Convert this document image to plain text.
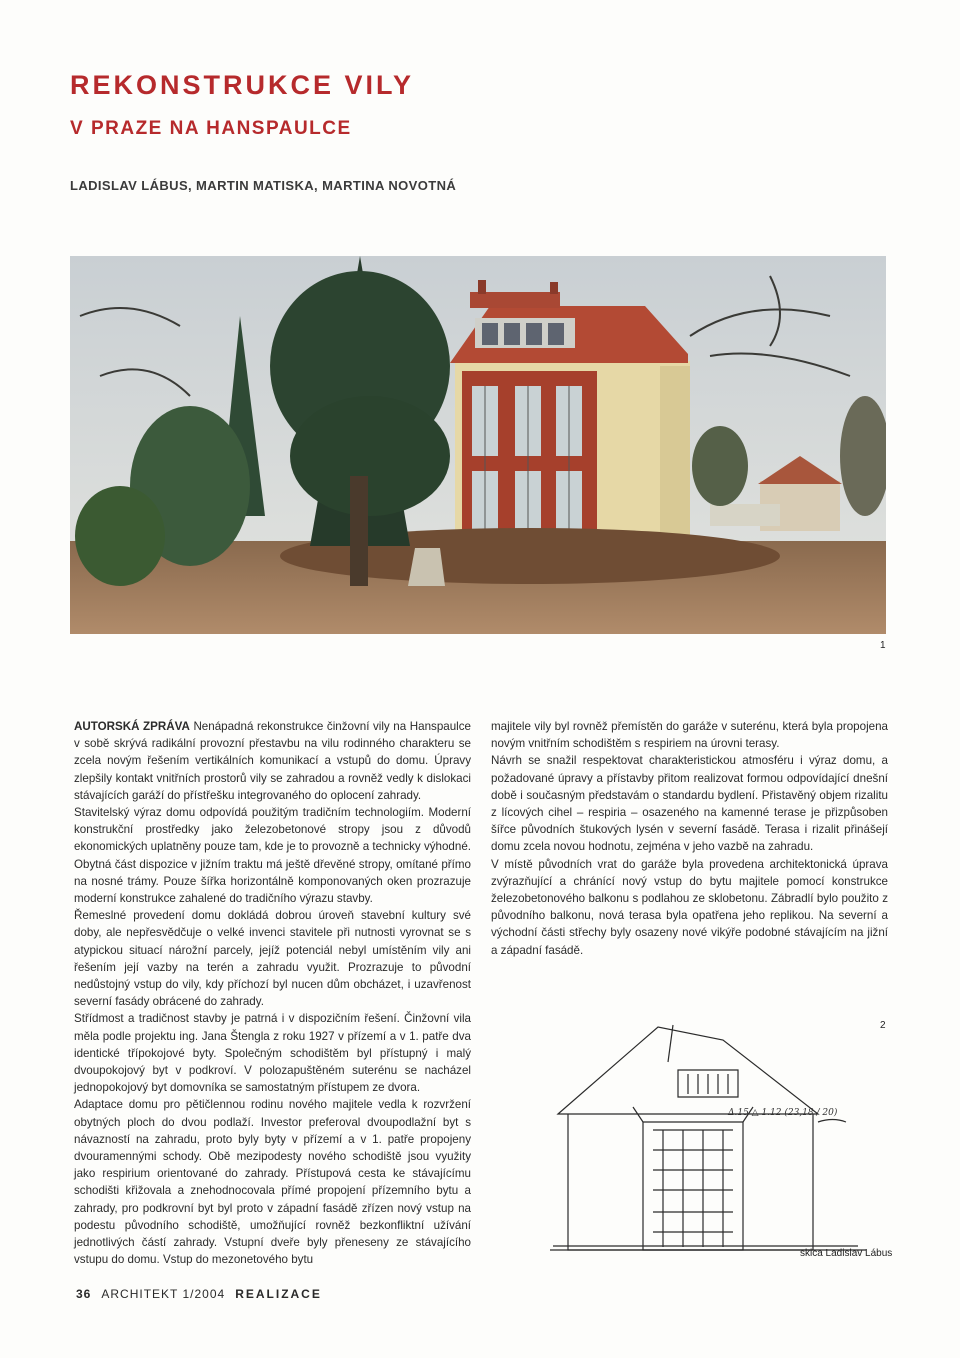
REKONSTRUKCE VILY
V PRAZE NA HANSPAULCE
LADISLAV LÁBUS, MARTIN MATISKA, MARTINA NOVOTNÁ
1

AUTORSKÁ ZPRÁVA Nenápadná rekonstrukce činžovní vily na Hanspaulce v sobě skrývá radikální provozní přestavbu na vilu rodinného charakteru se zcela novým řešením vertikálních komunikací a vstupů do domu. Úpravy zlepšily kontakt vnitřních prostorů vily se zahradou a rovněž vedly k dislokaci stávajících garáží do přístřešku integrovaného do oplocení zahrady.

Stavitelský výraz domu odpovídá použitým tradičním technologiím. Moderní konstrukční prostředky jako železobetonové stropy jsou z důvodů ekonomických uplatněny pouze tam, kde je to provozně a technicky výhodné. Obytná část dispozice v jižním traktu má ještě dřevěné stropy, omítané přímo na nosné trámy. Pouze šířka horizontálně komponovaných oken prozrazuje moderní konstrukce zahalené do tradičního výrazu stavby.

Řemeslné provedení domu dokládá dobrou úroveň stavební kultury své doby, ale nepřesvědčuje o velké invenci stavitele při nutnosti vyrovnat se s atypickou situací nárožní parcely, jejíž potenciál nebyl umístěním vily ani řešením její vazby na terén a zahradu využit. Prozrazuje to původní nedůstojný vstup do vily, kdy příchozí byl nucen dům obcházet, i uzavřenost severní fasády obrácené do zahrady.

Střídmost a tradičnost stavby je patrná i v dispozičním řešení. Činžovní vila měla podle projektu ing. Jana Štengla z roku 1927 v přízemí a v 1. patře dva identické třípokojové byty. Společným schodištěm byl přístupný i malý dvoupokojový byt v podkroví. V polozapuštěném suterénu se nacházel jednopokojový byt domovníka se samostatným přístupem ze dvora.

Adaptace domu pro pětičlennou rodinu nového majitele vedla k rozvržení obytných ploch do dvou podlaží. Investor preferoval dvoupodlažní byt s návazností na zahradu, proto byly byty v přízemí a v 1. patře propojeny dvouramennými schody. Obě mezipodesty nového schodiště jsou využity jako respirium orientované do zahrady. Přístupová cesta ke stávajícímu schodišti křižovala a znehodnocovala přímé propojení přízemního bytu a zahrady, pro podkrovní byt byl proto v západní fasádě zřízen nový vstup na podestu původního schodiště, umožňující rovněž bezkonfliktní užívání jednotlivých částí zahrady. Vstupní dveře byly přeneseny ze stávajícího vstupu do domu. Vstup do mezonetového bytu

majitele vily byl rovněž přemístěn do garáže v suterénu, která byla propojena novým vnitřním schodištěm s respiriem na úrovni terasy.

Návrh se snažil respektovat charakteristickou atmosféru i výraz domu, a požadované úpravy a přístavby přitom realizovat formou odpovídající dnešní době i současným představám o standardu bydlení. Přistavěný objem rizalitu z lícových cihel – respiria – osazeného na kamenné terase je přizpůsoben šířce původních štukových lysén v severní fasádě. Terasa i rizalit přinášejí domu zcela novou hodnotu, zejména v jeho vazbě na zahradu.

V místě původních vrat do garáže byla provedena architektonická úprava zvýrazňující a chránící nový vstup do bytu majitele pomocí konstrukce železobetonového balkonu s podlahou ze sklobetonu. Zábradlí bylo použito z původního balkonu, nová terasa byla opatřena jeho replikou. Na severní a východní části střechy byly osazeny nové vikýře podobné stávajícím na jižní a západní fasádě.

2
Δ.15 △ 1.12 (23,18 / 20)
skica Ladislav Lábus
36 ARCHITEKT 1/2004 REALIZACE
